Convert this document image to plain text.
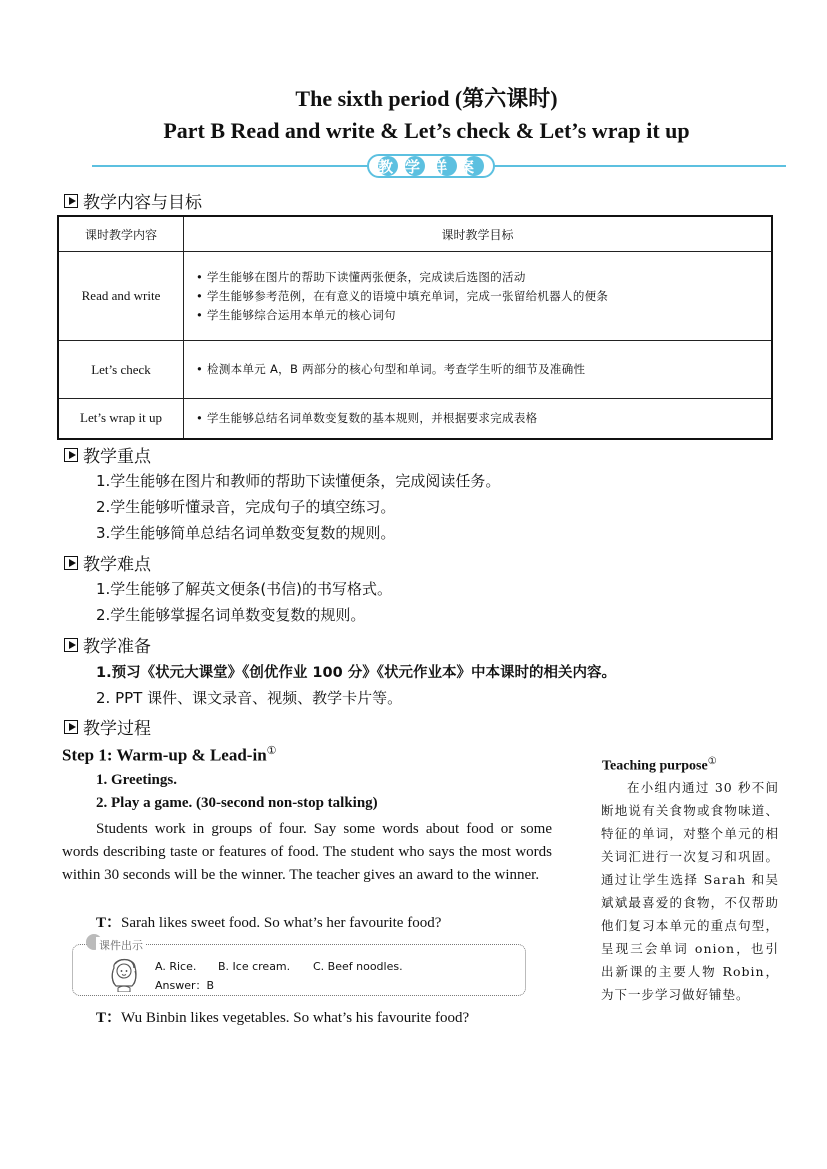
The sixth period (第六课时)
Part B Read and write & Let’s check & Let’s wrap it up
教学详案
教学内容与目标
课时教学内容	课时教学目标
Read and write	• 学生能够在图片的帮助下读懂两张便条，完成读后选图的活动
• 学生能够参考范例，在有意义的语境中填充单词，完成一张留给机器人的便条
• 学生能够综合运用本单元的核心词句

Let’s check	• 检测本单元 A，B 两部分的核心句型和单词。考查学生听的细节及准确性

Let’s wrap it up	• 学生能够总结名词单数变复数的基本规则，并根据要求完成表格
教学重点
1.学生能够在图片和教师的帮助下读懂便条，完成阅读任务。
2.学生能够听懂录音，完成句子的填空练习。
3.学生能够简单总结名词单数变复数的规则。
教学难点
1.学生能够了解英文便条(书信)的书写格式。
2.学生能够掌握名词单数变复数的规则。
教学准备
1.预习《状元大课堂》《创优作业 100 分》《状元作业本》中本课时的相关内容。
2. PPT 课件、课文录音、视频、教学卡片等。
教学过程
Step 1: Warm-up & Lead-in①
1. Greetings.
2. Play a game. (30-second non-stop talking)
Students work in groups of four. Say some words about food or some words describing taste or features of food. The student who says the most words within 30 seconds will be the winner. The teacher gives an award to the winner.
T：Sarah likes sweet food. So what’s her favourite food?
课件出示
A. Rice. B. Ice cream. C. Beef noodles.
Answer：B
T：Wu Binbin likes vegetables. So what’s his favourite food?
Teaching purpose①
在小组内通过 30 秒不间断地说有关食物或食物味道、特征的单词，对整个单元的相关词汇进行一次复习和巩固。通过让学生选择 Sarah 和吴斌斌最喜爱的食物，不仅帮助他们复习本单元的重点句型，呈现三会单词 onion，也引出新课的主要人物 Robin，为下一步学习做好铺垫。
